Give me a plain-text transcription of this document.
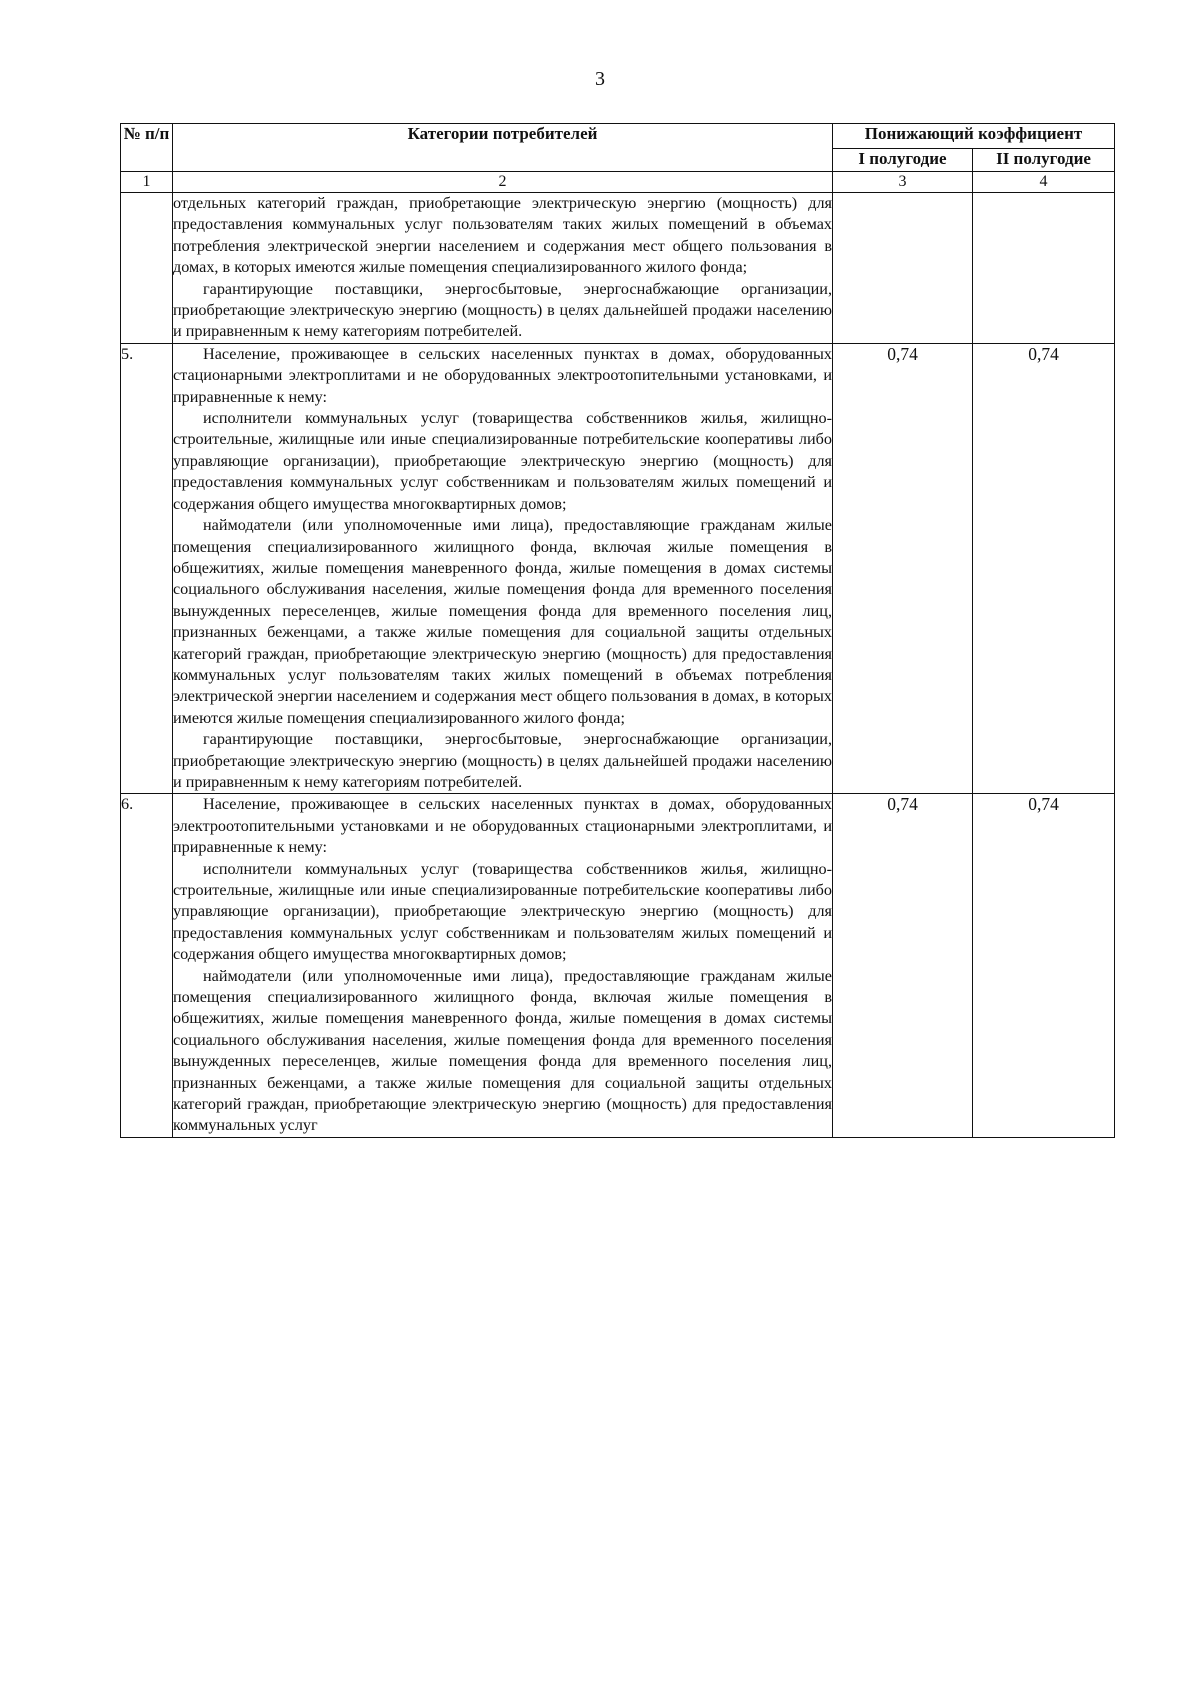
3
№ п/п	Категории потребителей	Понижающий коэффициент	
		I полугодие	II полугодие
1	2	3	4

	отдельных категорий граждан, приобретающие электрическую энергию (мощность) для предоставления коммунальных услуг пользователям таких жилых помещений в объемах потребления электрической энергии населением и содержания мест общего пользования в домах, в которых имеются жилые помещения специализированного жилого фонда;

гарантирующие поставщики, энергосбытовые, энергоснабжающие организации, приобретающие электрическую энергию (мощность) в целях дальнейшей продажи населению и приравненным к нему категориям потребителей.		

5.	Население, проживающее в сельских населенных пунктах в домах, оборудованных стационарными электроплитами и не оборудованных электроотопительными установками, и приравненные к нему:

исполнители коммунальных услуг (товарищества собственников жилья, жилищно-строительные, жилищные или иные специализированные потребительские кооперативы либо управляющие организации), приобретающие электрическую энергию (мощность) для предоставления коммунальных услуг собственникам и пользователям жилых помещений и содержания общего имущества многоквартирных домов;

наймодатели (или уполномоченные ими лица), предоставляющие гражданам жилые помещения специализированного жилищного фонда, включая жилые помещения в общежитиях, жилые помещения маневренного фонда, жилые помещения в домах системы социального обслуживания населения, жилые помещения фонда для временного поселения вынужденных переселенцев, жилые помещения фонда для временного поселения лиц, признанных беженцами, а также жилые помещения для социальной защиты отдельных категорий граждан, приобретающие электрическую энергию (мощность) для предоставления коммунальных услуг пользователям таких жилых помещений в объемах потребления электрической энергии населением и содержания мест общего пользования в домах, в которых имеются жилые помещения специализированного жилого фонда;

гарантирующие поставщики, энергосбытовые, энергоснабжающие организации, приобретающие электрическую энергию (мощность) в целях дальнейшей продажи населению и приравненным к нему категориям потребителей.	0,74	0,74
6.	Население, проживающее в сельских населенных пунктах в домах, оборудованных электроотопительными установками и не оборудованных стационарными электроплитами, и приравненные к нему:

исполнители коммунальных услуг (товарищества собственников жилья, жилищно-строительные, жилищные или иные специализированные потребительские кооперативы либо управляющие организации), приобретающие электрическую энергию (мощность) для предоставления коммунальных услуг собственникам и пользователям жилых помещений и содержания общего имущества многоквартирных домов;

наймодатели (или уполномоченные ими лица), предоставляющие гражданам жилые помещения специализированного жилищного фонда, включая жилые помещения в общежитиях, жилые помещения маневренного фонда, жилые помещения в домах системы социального обслуживания населения, жилые помещения фонда для временного поселения вынужденных переселенцев, жилые помещения фонда для временного поселения лиц, признанных беженцами, а также жилые помещения для социальной защиты отдельных категорий граждан, приобретающие электрическую энергию (мощность) для предоставления коммунальных услуг	0,74	0,74
